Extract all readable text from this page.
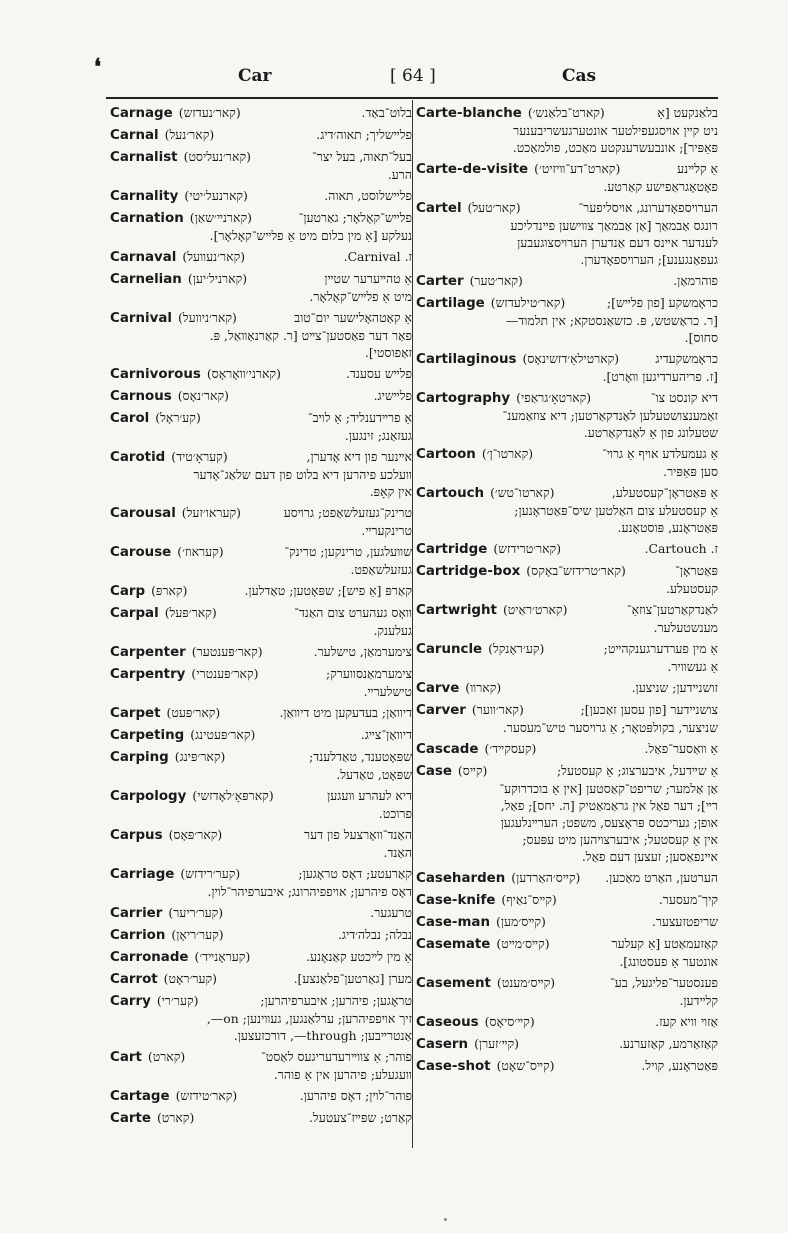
❛	Car	[ 64 ]	Cas
Carnage (קאר׳נעדזש)	בלוט־באַד.
Carnal (קאר׳נעל)	פלײשליך; תאוה׳דיג.
Carnalist (קאר׳נעליסט)	בעל־תאוה, בעל יצר־
הרע.
Carnality (קארנעל׳יטי)	פלײשלוסט, תאוה.
Carnation (קארנײ׳שאַן)	פלײש־קאָלאָר; גאַרטען־
נעלקע [אַ מין בלום מיט אַ פלײש־קאָלאָר].
Carnaval (קאר׳נעװעל)	ז. Carnival.
Carnelian (קארניל׳יען)	אַ טהײערער שטײן
מיט אַ פלײש־קאָלאָר.
Carnival (קאר׳ניװעל)	אַ קאַטהאָלישער יום־טוב
פאַר דער פאַסטען־צײט [ר. קאַרנאַװאַל, פּ.
זאַפוסטי].
Carnivorous (קארני׳װאָראָס)	פלײש עסענד.
Carnous (קאר׳נאָס)	פלײשיג.
Carol (קע׳ראָל)	אַ פרײדענליד; אַ לױב־
געזאַנג; זינגען.
Carotid (קעראָ׳טיד)	אײנער פון דיא אָדערן,
װעלכע פיהרען דיא בלוט פון דעם שלאַג־אָדער
אין קאָפּ.
Carousal (קעראו׳זעל)	טרינק־געזעלשאַפט; גרױסע
טרינקערײ.
Carouse (קעראוז׳)	שװעלגען, טרינקען; טרינק־
געזעלשאַפט.
Carp (קארפּ)	קאַרפּ [אַ פיש]; שפּאָטען; טאַדלען.
Carpal (קאר׳פּעל)	װאָס געהערט צום האַנד־
געלענק.
Carpenter (קאר׳פּענטער)	צימערמאַן, טישלער.
Carpentry (קאר׳פּענטרי)	צימערמאַנסװערק;
טישלערײ.
Carpet (קאר׳פּעט)	דיװאַן; בעדעקען מיט דיװאַן.
Carpeting (קאר׳פּעטינג)	דיװאַן־צײג.
Carping (קאר׳פּינג)	שפּאָטענד, טאַדלענד;
שפּאָט, טאַדעל.
Carpology (קארפּאָ׳לאָדזשי)	דיא לעהרע װעגען
פרוכט.
Carpus (קאר׳פּאָס)	האַנד־װאָרצעל פון דער
האַנד.
Carriage (קער׳רידזש)	קאַרעטע; דאָס טראָגען;
דאָס פיהרען; אױפפיהרונג; איבערפיהר־לױן.
Carrier (קער׳ריער)	טרעגער.
Carrion (קער׳ריאָן)	נבלה; נבלה׳דיג.
Carronade (קעראָנײד׳)	אַ מין לײכטע קאַנאָנע.
Carrot (קער׳ראָט)	מערן [גאַרטען־פלאַנצע].
Carry (קער׳רי)	טראָגען; פיהרען; איבערפיהרען;
זיך אױפפיהרען; ערלאַנגען, געװינען; on—,
אַנטרײבען; through—, דורכזעצען.
Cart (קארט)	פוהר; אַ צװײרעדעריגעס לאַסט־
װעגעלע; פיהרען אין אַ פוהר.
Cartage (קאר׳טידזש)	פוהר־לױן; דאָס פיהרען.
Carte (קארט)	קאַרט; שפּײז־צעטעל.
Carte-blanche (קארט־בלאַנש׳)	בלאַנקעט [אַ
ניט קײן אױסגעפילטער אונטערגעשריבענער
פּאַפּיר]; אונבעשרענקטע מאַכט, פולמאַכט.
Carte-de-visite (קארט־דע־װיזיט׳)	אַ קלײנע
פאָטאָגראַפישע קאַרטע.
Cartel (קאר׳טעל)	הערױספאָדערונג, אױסליפער־
רונגס אַבמאַך [אַן אַבמאַך צװישען פײנדליכע
לענדער אײנס דעם אַנדערן הערױסצוגעבען
געפאַנגענע]; הערױספאָדערן.
Carter (קאר׳טער)	פוהרמאַן.
Cartilage (קאר׳טילעדזש)	כראָמשקע [פון פלײש];
[ר. כראַשטש, פּ. כזשאַנסטקא; אין תלמוד—
סחוס].
Cartilaginous (קארטילאַ׳דזשינאָס)	כראָמשקעדיג
[ז. פריהערדיגען װאָרט].
Cartography (קארטאָ׳גראַפי)	דיא קונסט צו־
זאַמענצושטעלען לאַנדקאַרטען; דיא צוזאַמענ־
שטעלונג פון אַ לאַנדקאַרטע.
Cartoon (קארטו־ן׳)	אַ געמעלדע אױף אַ גרױ־
סען פּאַפּיר.
Cartouch (קארטו־טש׳)	אַ פּאַטראָן־קעסטעלע,
אַ קעסטעלע צום האַלטען שיס־פּאַטראָנען;
פּאַטראָנע, פּוסטאָנע.
Cartridge (קאר׳טרידזש)	ז. Cartouch.
Cartridge-box (קאר׳טרידזש־באָקס)	פּאַטראָן־
קעסטעלע.
Cartwright (קארט׳ראַיט)	לאַנדקאַרטען־צוזאַ־
מענשטעלער.
Caruncle (קע׳ראָנקל)	אַ מין פערדערגענקהײט;
אַ געשװיר.
Carve (קארװ)	זושנײדען; שניצען.
Carver (קאר׳װער)	צושנײדער [פון עסען זאַכען];
שניצער, בקולפּטאָר; אַ גרױסער טיש־מעסער.
Cascade (קעסקײד׳)	אַ װאַסער־פאַל.
Case (קײס)	אַ שײדעל, איבערצוג; אַ קעסטעל;
אַן אַלמער; שריפט־קאַסטען [אין אַ בוכדרוקע־
רײ]; דער פאַל אין גראַמאַטיק [ה. יחס]; פאַל,
אופן; געריכטס פּראָצעס, משפט; הערײנלעגען
אין אַ קעסטעל; איבערצױהען מיט עפּעס;
אײנפאַסען; זעצען דעם פאַל.
Caseharden (קײס׳האַרדען)	הערטען, האַרט מאַכען.
Case-knife (קײס־נאַיף)	קיך־מעסער.
Case-man (קײס׳מען)	שריפטזעצער.
Casemate (קײס׳מײט)	קאַזעמאַטע [אַ קעלער
אונטער אַ פעסטונג].
Casement (קײס׳מענט)	פענסטער־פליגעל, בע־
קלײדען.
Caseous (קײ׳סיאָס)	אַזױ װיא קעז.
Casern (קײ׳זערן)	קאַזאַרמע, קאַזערנע.
Case-shot (קײס־שאָט)	פּאַטראָנע, קויל.
